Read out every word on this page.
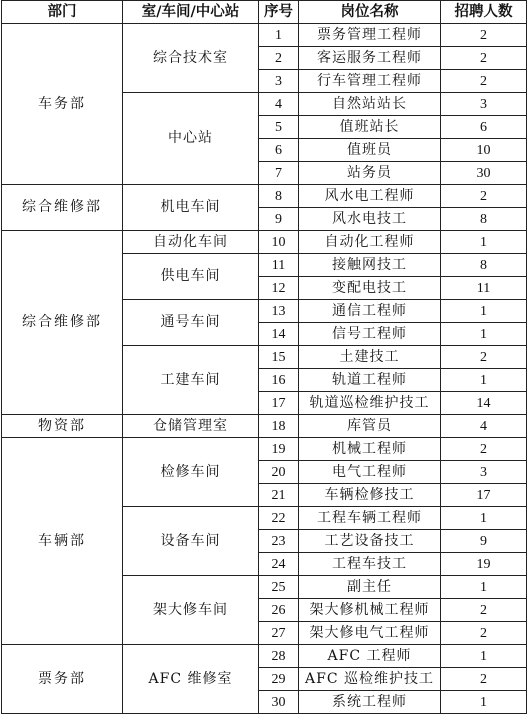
部门	室/车间/中心站	序号	岗位名称	招聘人数
车务部	综合技术室	1	票务管理工程师	2
		2	客运服务工程师	2
		3	行车管理工程师	2
	中心站	4	自然站站长	3
		5	值班站长	6
		6	值班员	10
		7	站务员	30
综合维修部	机电车间	8	风水电工程师	2
		9	风水电技工	8
综合维修部	自动化车间	10	自动化工程师	1
	供电车间	11	接触网技工	8
		12	变配电技工	11
	通号车间	13	通信工程师	1
		14	信号工程师	1
	工建车间	15	土建技工	2
		16	轨道工程师	1
		17	轨道巡检维护技工	14
物资部	仓储管理室	18	库管员	4
车辆部	检修车间	19	机械工程师	2
		20	电气工程师	3
		21	车辆检修技工	17
	设备车间	22	工程车辆工程师	1
		23	工艺设备技工	9
		24	工程车技工	19
	架大修车间	25	副主任	1
		26	架大修机械工程师	2
		27	架大修电气工程师	2
票务部	AFC 维修室	28	AFC 工程师	1
		29	AFC 巡检维护技工	2
		30	系统工程师	1
